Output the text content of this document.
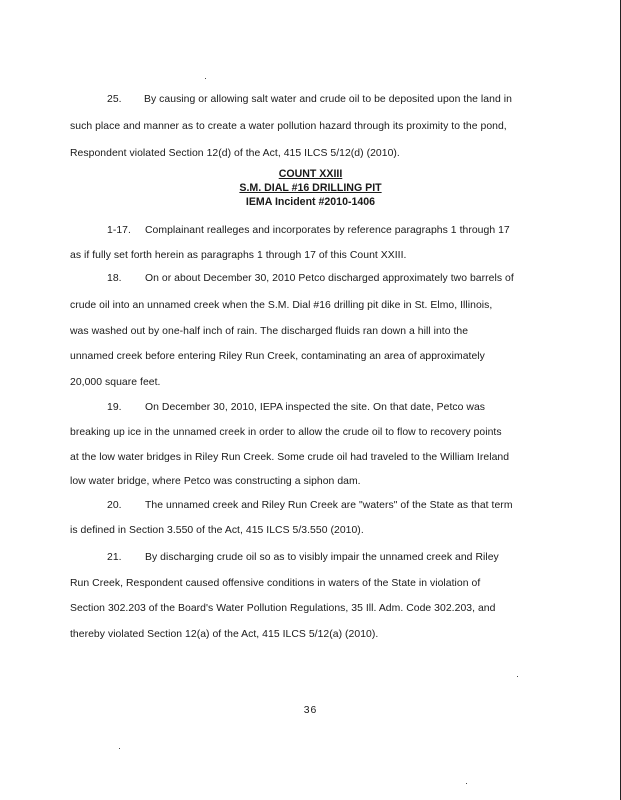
25. By causing or allowing salt water and crude oil to be deposited upon the land in
such place and manner as to create a water pollution hazard through its proximity to the pond,
Respondent violated Section 12(d) of the Act, 415 ILCS 5/12(d) (2010).
COUNT XXIII
S.M. DIAL #16 DRILLING PIT
IEMA Incident #2010-1406
1-17. Complainant realleges and incorporates by reference paragraphs 1 through 17
as if fully set forth herein as paragraphs 1 through 17 of this Count XXIII.
18. On or about December 30, 2010 Petco discharged approximately two barrels of
crude oil into an unnamed creek when the S.M. Dial #16 drilling pit dike in St. Elmo, Illinois,
was washed out by one-half inch of rain. The discharged fluids ran down a hill into the
unnamed creek before entering Riley Run Creek, contaminating an area of approximately
20,000 square feet.
19. On December 30, 2010, IEPA inspected the site. On that date, Petco was
breaking up ice in the unnamed creek in order to allow the crude oil to flow to recovery points
at the low water bridges in Riley Run Creek. Some crude oil had traveled to the William Ireland
low water bridge, where Petco was constructing a siphon dam.
20. The unnamed creek and Riley Run Creek are "waters" of the State as that term
is defined in Section 3.550 of the Act, 415 ILCS 5/3.550 (2010).
21. By discharging crude oil so as to visibly impair the unnamed creek and Riley
Run Creek, Respondent caused offensive conditions in waters of the State in violation of
Section 302.203 of the Board's Water Pollution Regulations, 35 Ill. Adm. Code 302.203, and
thereby violated Section 12(a) of the Act, 415 ILCS 5/12(a) (2010).
36
